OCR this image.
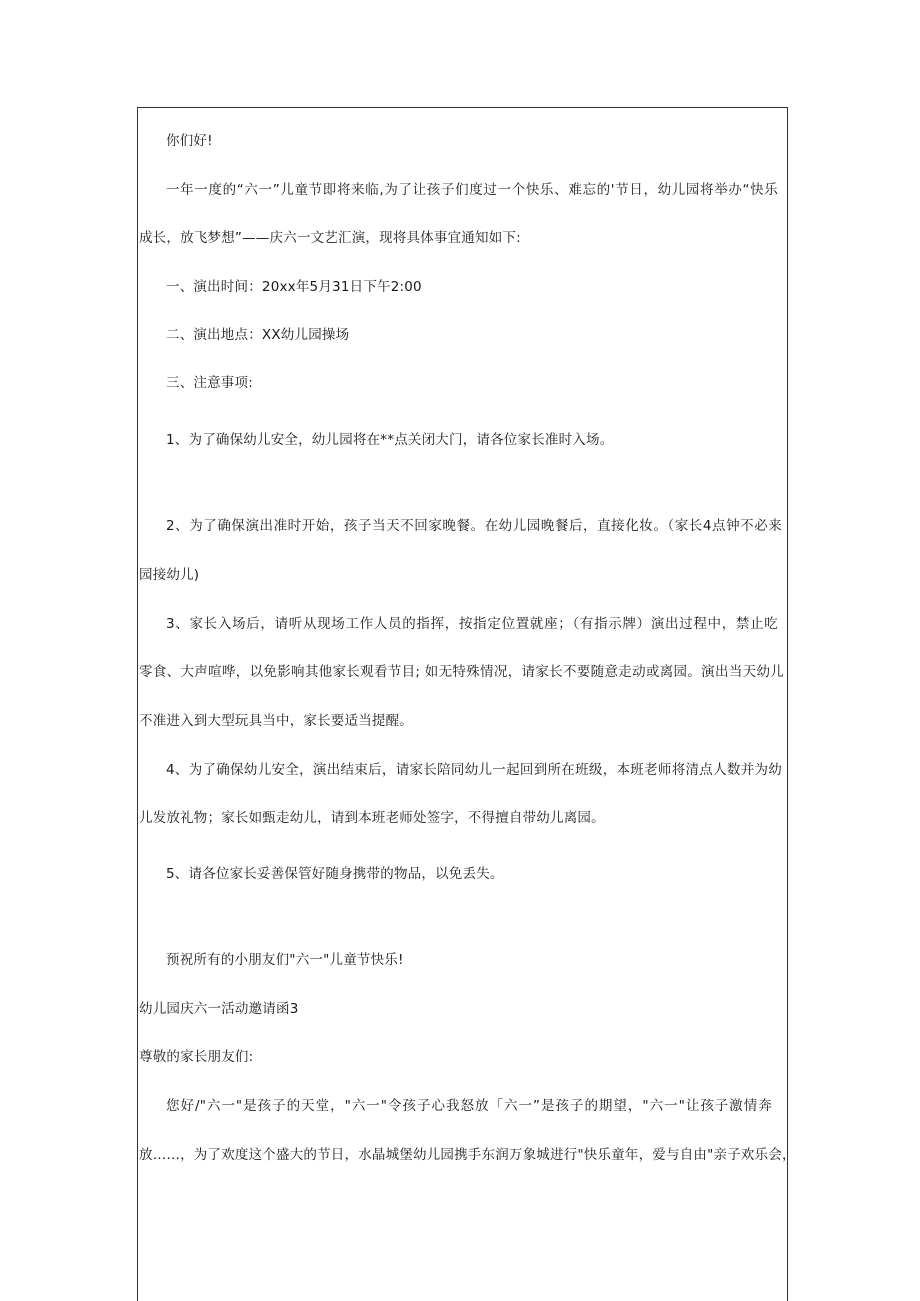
你们好!
一年一度的“六一”儿童节即将来临,为了让孩子们度过一个快乐、难忘的'节日，幼儿园将举办“快乐
成长，放飞梦想”——庆六一文艺汇演，现将具体事宜通知如下:
一、演出时间：20xx年5月31日下午2:00
二、演出地点：XX幼儿园操场
三、注意事项:
1、为了确保幼儿安全，幼儿园将在**点关闭大门，请各位家长准时入场。
2、为了确保演出准时开始，孩子当天不回家晚餐。在幼儿园晚餐后，直接化妆。（家长4点钟不必来
园接幼儿)
3、家长入场后，请听从现场工作人员的指挥，按指定位置就座；（有指示牌）演出过程中，禁止吃
零食、大声喧哗，以免影响其他家长观看节目; 如无特殊情况，请家长不要随意走动或离园。演出当天幼儿
不准进入到大型玩具当中，家长要适当提醒。
4、为了确保幼儿安全，演出结束后，请家长陪同幼儿一起回到所在班级，本班老师将清点人数并为幼
儿发放礼物；家长如甄走幼儿，请到本班老师处签字，不得擅自带幼儿离园。
5、请各位家长妥善保管好随身携带的物品，以免丢失。
预祝所有的小朋友们"六一"儿童节快乐!
幼儿园庆六一活动邀请函3
尊敬的家长朋友们:
您好/"六一"是孩子的天堂，"六一"令孩子心我怒放「六一”是孩子的期望，"六一"让孩子激情奔
放……，为了欢度这个盛大的节日，水晶城堡幼儿园携手东润万象城进行"快乐童年，爱与自由"亲子欢乐会，
